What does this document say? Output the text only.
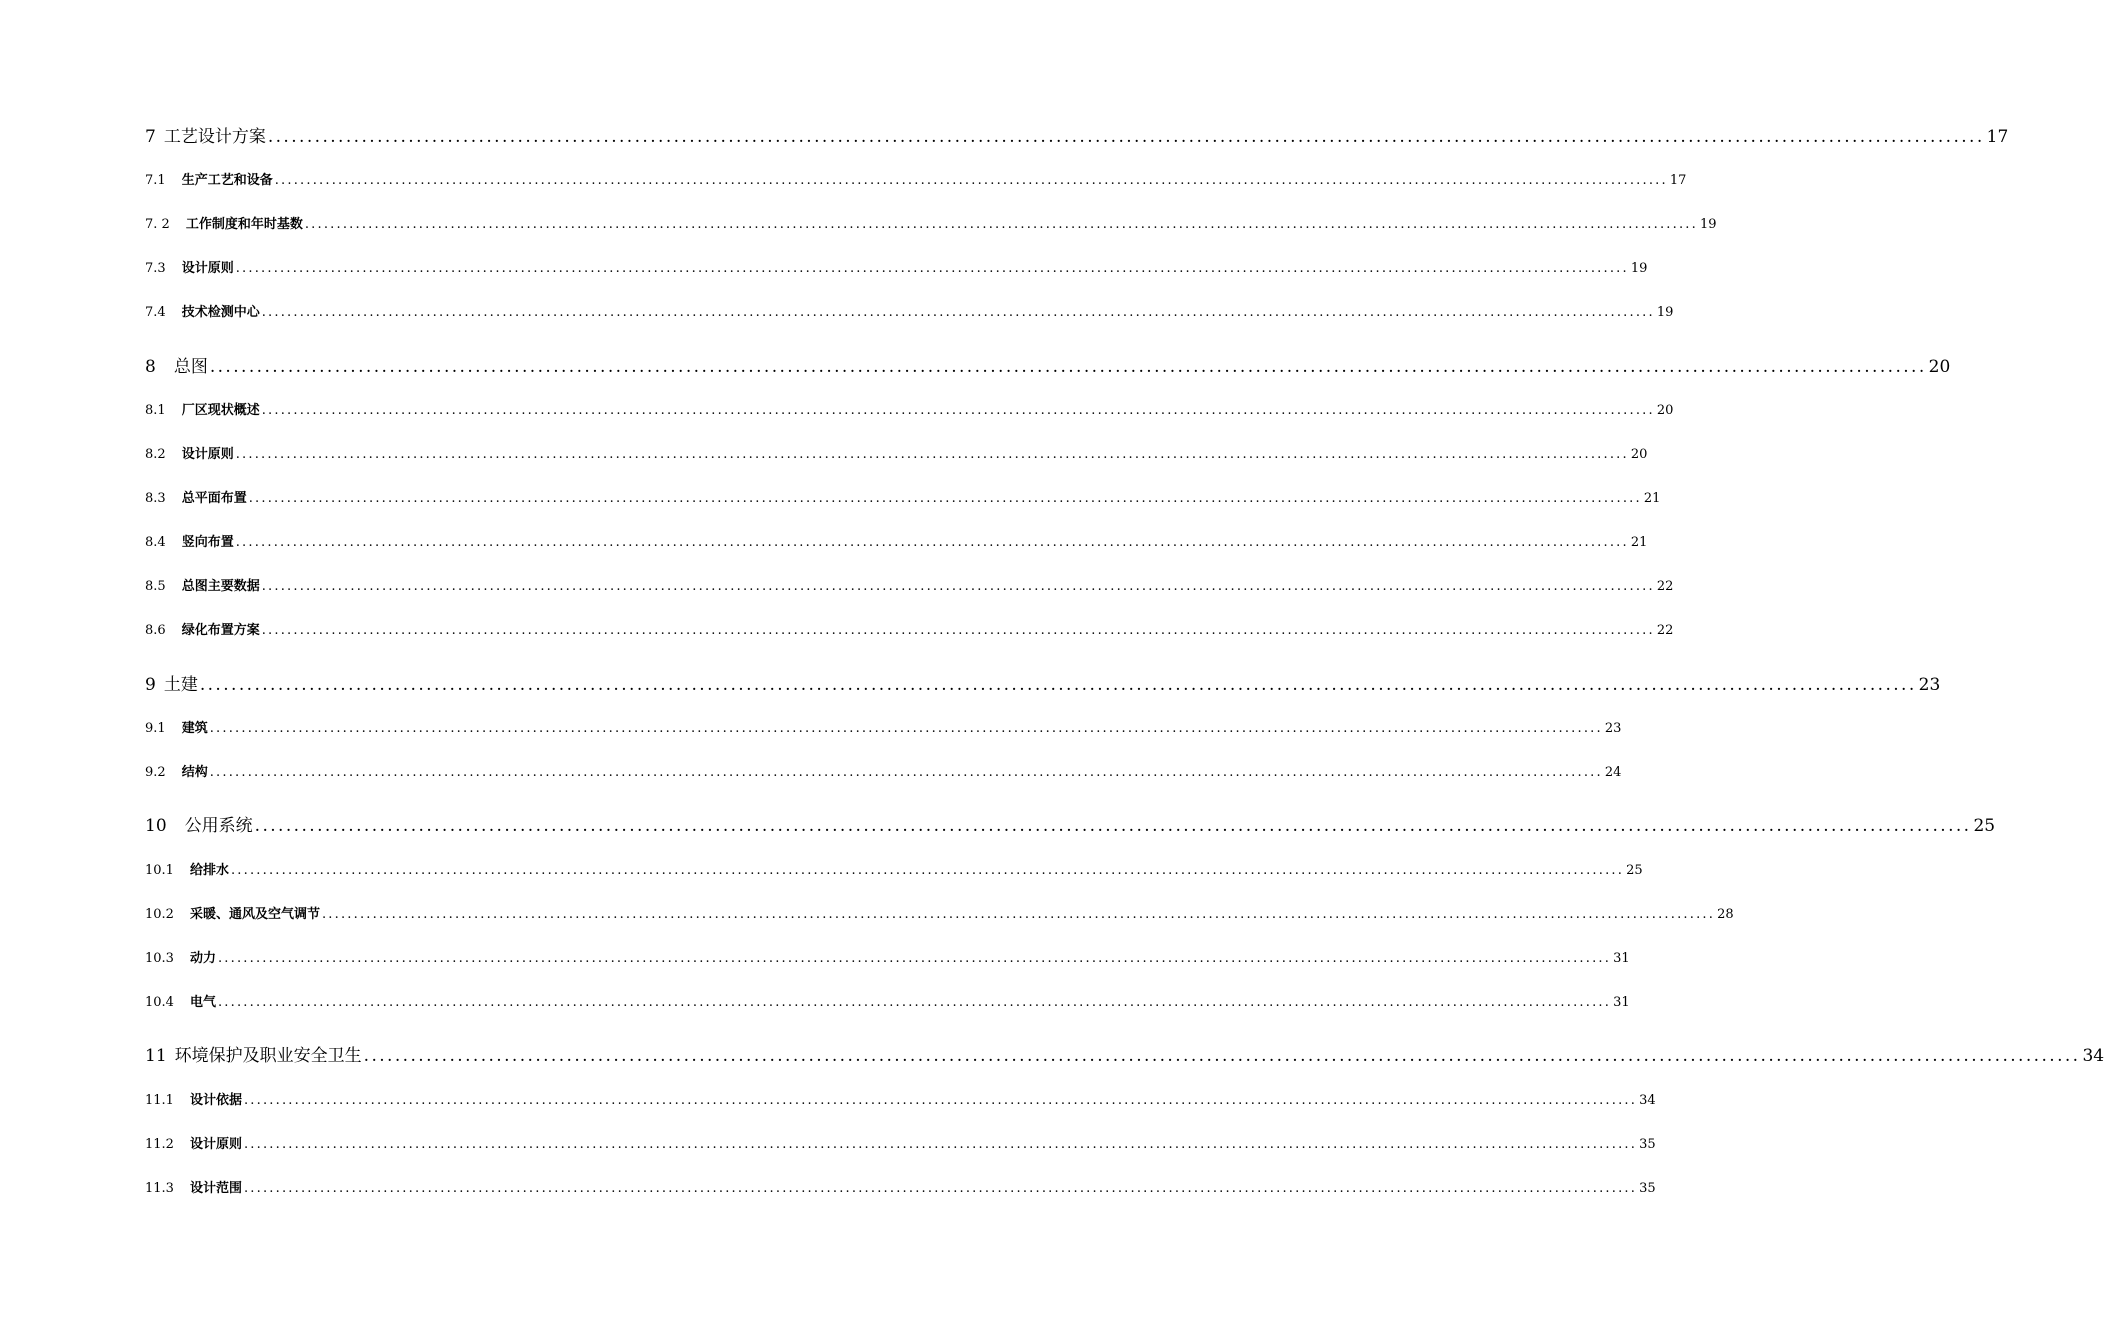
7 工艺设计方案 ............................................................................................................................................................................................................................ 17
7.1 生产工艺和设备 ............................................................................................................................................................................................................................ 17
7. 2 工作制度和年时基数 ............................................................................................................................................................................................................................ 19
7.3 设计原则 ............................................................................................................................................................................................................................ 19
7.4 技术检测中心 ............................................................................................................................................................................................................................ 19
8 总图 ............................................................................................................................................................................................................................ 20
8.1 厂区现状概述 ............................................................................................................................................................................................................................ 20
8.2 设计原则 ............................................................................................................................................................................................................................ 20
8.3 总平面布置 ............................................................................................................................................................................................................................ 21
8.4 竖向布置 ............................................................................................................................................................................................................................ 21
8.5 总图主要数据 ............................................................................................................................................................................................................................ 22
8.6 绿化布置方案 ............................................................................................................................................................................................................................ 22
9 土建 ............................................................................................................................................................................................................................ 23
9.1 建筑 ............................................................................................................................................................................................................................ 23
9.2 结构 ............................................................................................................................................................................................................................ 24
10 公用系统 ............................................................................................................................................................................................................................ 25
10.1 给排水 ............................................................................................................................................................................................................................ 25
10.2 采暖、通风及空气调节 ............................................................................................................................................................................................................................ 28
10.3 动力 ............................................................................................................................................................................................................................ 31
10.4 电气 ............................................................................................................................................................................................................................ 31
11 环境保护及职业安全卫生 ............................................................................................................................................................................................................................ 34
11.1 设计依据 ............................................................................................................................................................................................................................ 34
11.2 设计原则 ............................................................................................................................................................................................................................ 35
11.3 设计范围 ............................................................................................................................................................................................................................ 35
